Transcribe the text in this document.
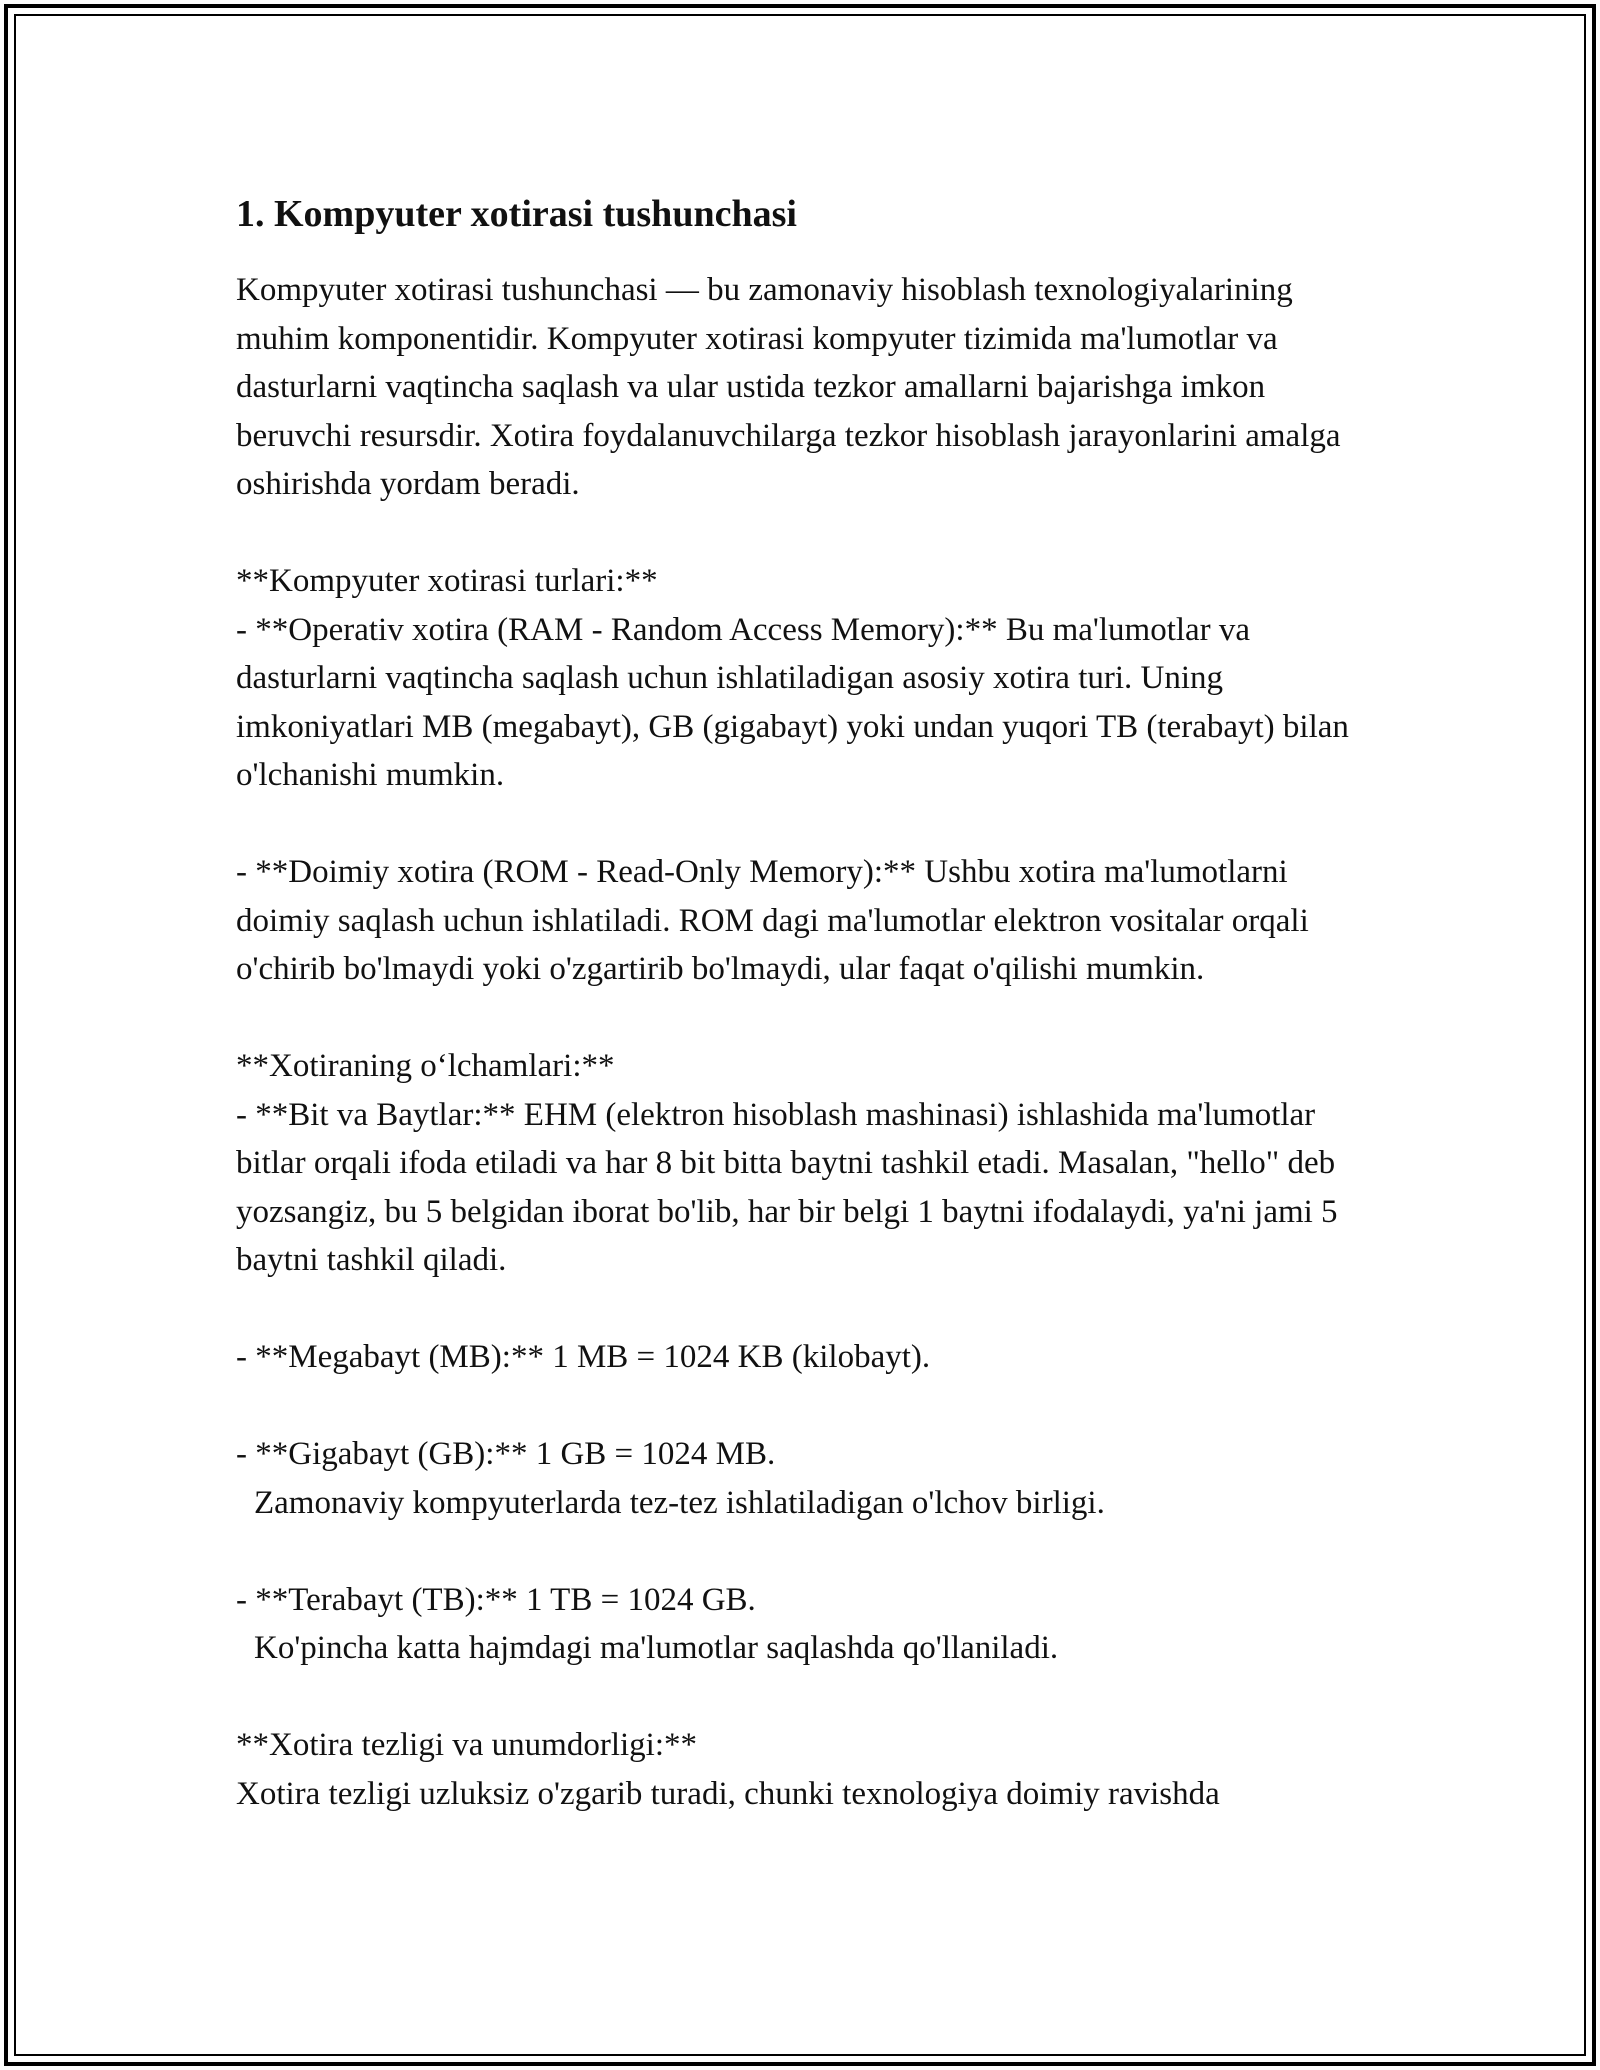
1. Kompyuter xotirasi tushunchasi

Kompyuter xotirasi tushunchasi — bu zamonaviy hisoblash texnologiyalarining muhim komponentidir. Kompyuter xotirasi kompyuter tizimida ma'lumotlar va dasturlarni vaqtincha saqlash va ular ustida tezkor amallarni bajarishga imkon beruvchi resursdir. Xotira foydalanuvchilarga tezkor hisoblash jarayonlarini amalga oshirishda yordam beradi.

**Kompyuter xotirasi turlari:**

- **Operativ xotira (RAM - Random Access Memory):** Bu ma'lumotlar va dasturlarni vaqtincha saqlash uchun ishlatiladigan asosiy xotira turi. Uning imkoniyatlari MB (megabayt), GB (gigabayt) yoki undan yuqori TB (terabayt) bilan o'lchanishi mumkin.

- **Doimiy xotira (ROM - Read-Only Memory):** Ushbu xotira ma'lumotlarni doimiy saqlash uchun ishlatiladi. ROM dagi ma'lumotlar elektron vositalar orqali o'chirib bo'lmaydi yoki o'zgartirib bo'lmaydi, ular faqat o'qilishi mumkin.

**Xotiraning o‘lchamlari:**

- **Bit va Baytlar:** EHM (elektron hisoblash mashinasi) ishlashida ma'lumotlar bitlar orqali ifoda etiladi va har 8 bit bitta baytni tashkil etadi. Masalan, "hello" deb yozsangiz, bu 5 belgidan iborat bo'lib, har bir belgi 1 baytni ifodalaydi, ya'ni jami 5 baytni tashkil qiladi.

- **Megabayt (MB):** 1 MB = 1024 KB (kilobayt).

- **Gigabayt (GB):** 1 GB = 1024 MB.

Zamonaviy kompyuterlarda tez-tez ishlatiladigan o'lchov birligi.

- **Terabayt (TB):** 1 TB = 1024 GB.

Ko'pincha katta hajmdagi ma'lumotlar saqlashda qo'llaniladi.

**Xotira tezligi va unumdorligi:**

Xotira tezligi uzluksiz o'zgarib turadi, chunki texnologiya doimiy ravishda
